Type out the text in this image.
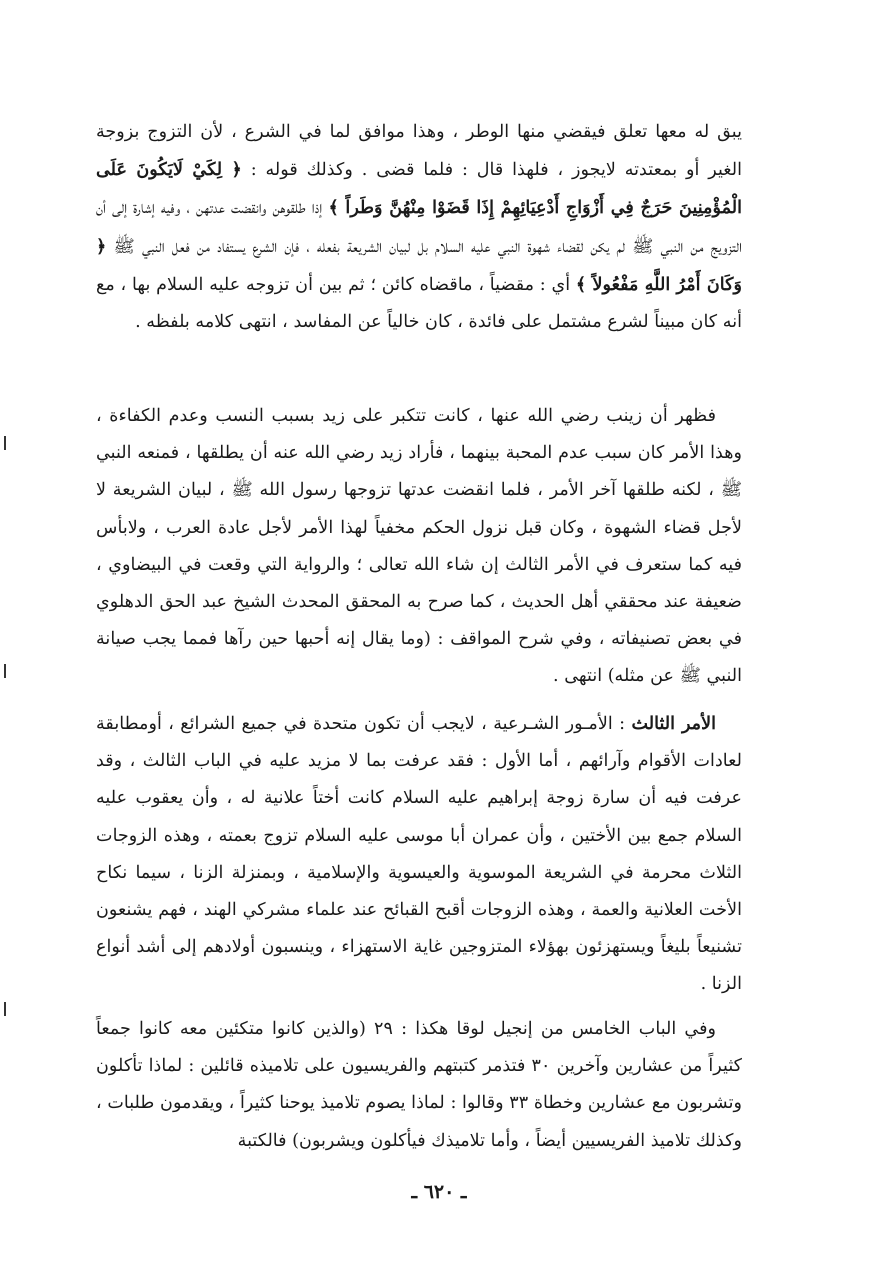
يبق له معها تعلق فيقضي منها الوطر ، وهذا موافق لما في الشرع ، لأن التزوج بزوجة الغير أو بمعتدته لايجوز ، فلهذا قال : فلما قضى . وكذلك قوله : ﴿ لِكَيْ لَايَكُونَ عَلَى الْمُؤْمِنِينَ حَرَجٌ فِي أَزْوَاجِ أَدْعِيَائِهِمْ إِذَا قَضَوْا مِنْهُنَّ وَطَراً ﴾ إذا طلقوهن وانقضت عدتهن ، وفيه إشارة إلى أن التزويج من النبي ﷺ لم يكن لقضاء شهوة النبي عليه السلام بل لبيان الشريعة بفعله ، فإن الشرع يستفاد من فعل النبي ﷺ ﴿ وَكَانَ أَمْرُ اللَّهِ مَفْعُولاً ﴾ أي : مقضياً ، ماقضاه كائن ؛ ثم بين أن تزوجه عليه السلام بها ، مع أنه كان مبيناً لشرع مشتمل على فائدة ، كان خالياً عن المفاسد ، انتهى كلامه بلفظه .

فظهر أن زينب رضي الله عنها ، كانت تتكبر على زيد بسبب النسب وعدم الكفاءة ، وهذا الأمر كان سبب عدم المحبة بينهما ، فأراد زيد رضي الله عنه أن يطلقها ، فمنعه النبي ﷺ ، لكنه طلقها آخر الأمر ، فلما انقضت عدتها تزوجها رسول الله ﷺ ، لبيان الشريعة لا لأجل قضاء الشهوة ، وكان قبل نزول الحكم مخفياً لهذا الأمر لأجل عادة العرب ، ولابأس فيه كما ستعرف في الأمر الثالث إن شاء الله تعالى ؛ والرواية التي وقعت في البيضاوي ، ضعيفة عند محققي أهل الحديث ، كما صرح به المحقق المحدث الشيخ عبد الحق الدهلوي في بعض تصنيفاته ، وفي شرح المواقف : (وما يقال إنه أحبها حين رآها فمما يجب صيانة النبي ﷺ عن مثله) انتهى .

الأمر الثالث : الأمـور الشـرعية ، لايجب أن تكون متحدة في جميع الشرائع ، أومطابقة لعادات الأقوام وآرائهم ، أما الأول : فقد عرفت بما لا مزيد عليه في الباب الثالث ، وقد عرفت فيه أن سارة زوجة إبراهيم عليه السلام كانت أختاً علانية له ، وأن يعقوب عليه السلام جمع بين الأختين ، وأن عمران أبا موسى عليه السلام تزوج بعمته ، وهذه الزوجات الثلاث محرمة في الشريعة الموسوية والعيسوية والإسلامية ، وبمنزلة الزنا ، سيما نكاح الأخت العلانية والعمة ، وهذه الزوجات أقبح القبائح عند علماء مشركي الهند ، فهم يشنعون تشنيعاً بليغاً ويستهزئون بهؤلاء المتزوجين غاية الاستهزاء ، وينسبون أولادهم إلى أشد أنواع الزنا .

وفي الباب الخامس من إنجيل لوقا هكذا : ٢٩ (والذين كانوا متكئين معه كانوا جمعاً كثيراً من عشارين وآخرين ٣٠ فتذمر كتبتهم والفريسيون على تلاميذه قائلين : لماذا تأكلون وتشربون مع عشارين وخطاة ٣٣ وقالوا : لماذا يصوم تلاميذ يوحنا كثيراً ، ويقدمون طلبات ، وكذلك تلاميذ الفريسيين أيضاً ، وأما تلاميذك فيأكلون ويشربون) فالكتبة

ـ ٦٢٠ ـ
